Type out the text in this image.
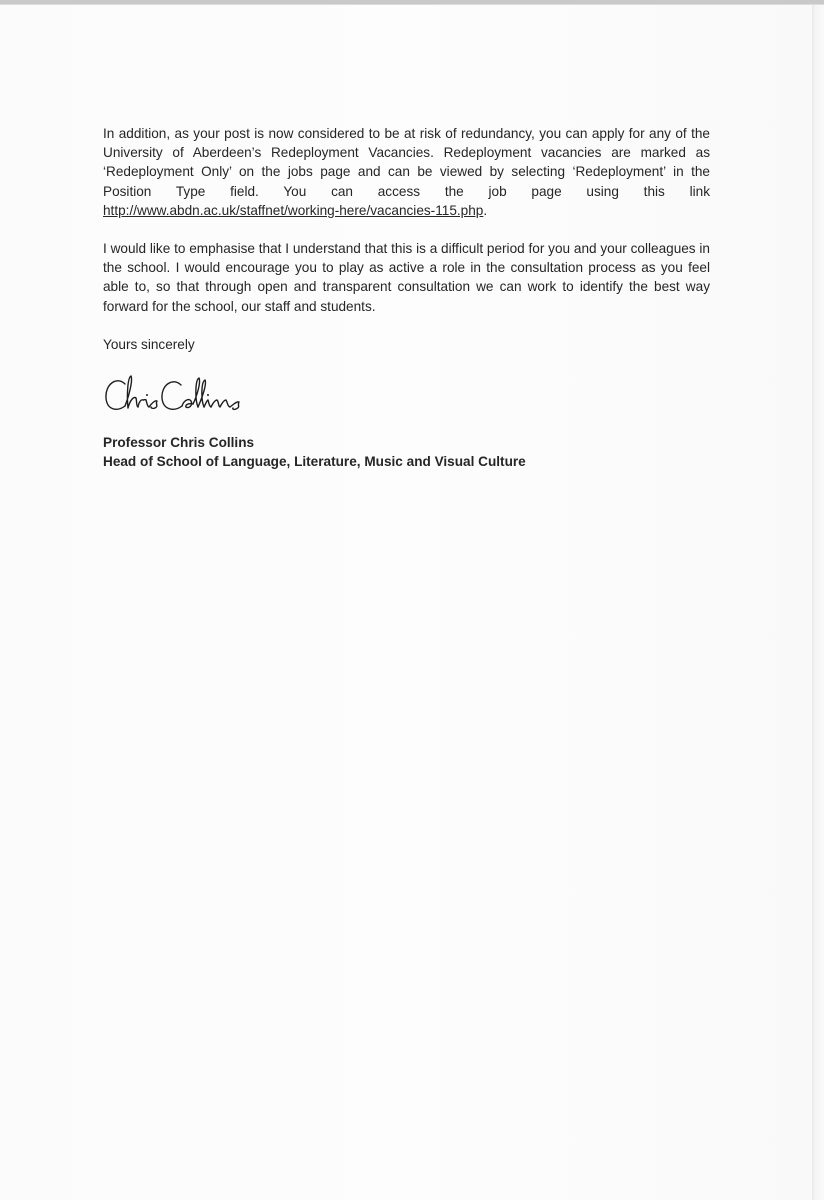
In addition, as your post is now considered to be at risk of redundancy, you can apply for any of the University of Aberdeen’s Redeployment Vacancies. Redeployment vacancies are marked as ‘Redeployment Only’ on the jobs page and can be viewed by selecting ‘Redeployment’ in the Position Type field. You can access the job page using this link http://www.abdn.ac.uk/staffnet/working-here/vacancies-115.php.

I would like to emphasise that I understand that this is a difficult period for you and your colleagues in the school. I would encourage you to play as active a role in the consultation process as you feel able to, so that through open and transparent consultation we can work to identify the best way forward for the school, our staff and students.

Yours sincerely

Professor Chris Collins

Head of School of Language, Literature, Music and Visual Culture
